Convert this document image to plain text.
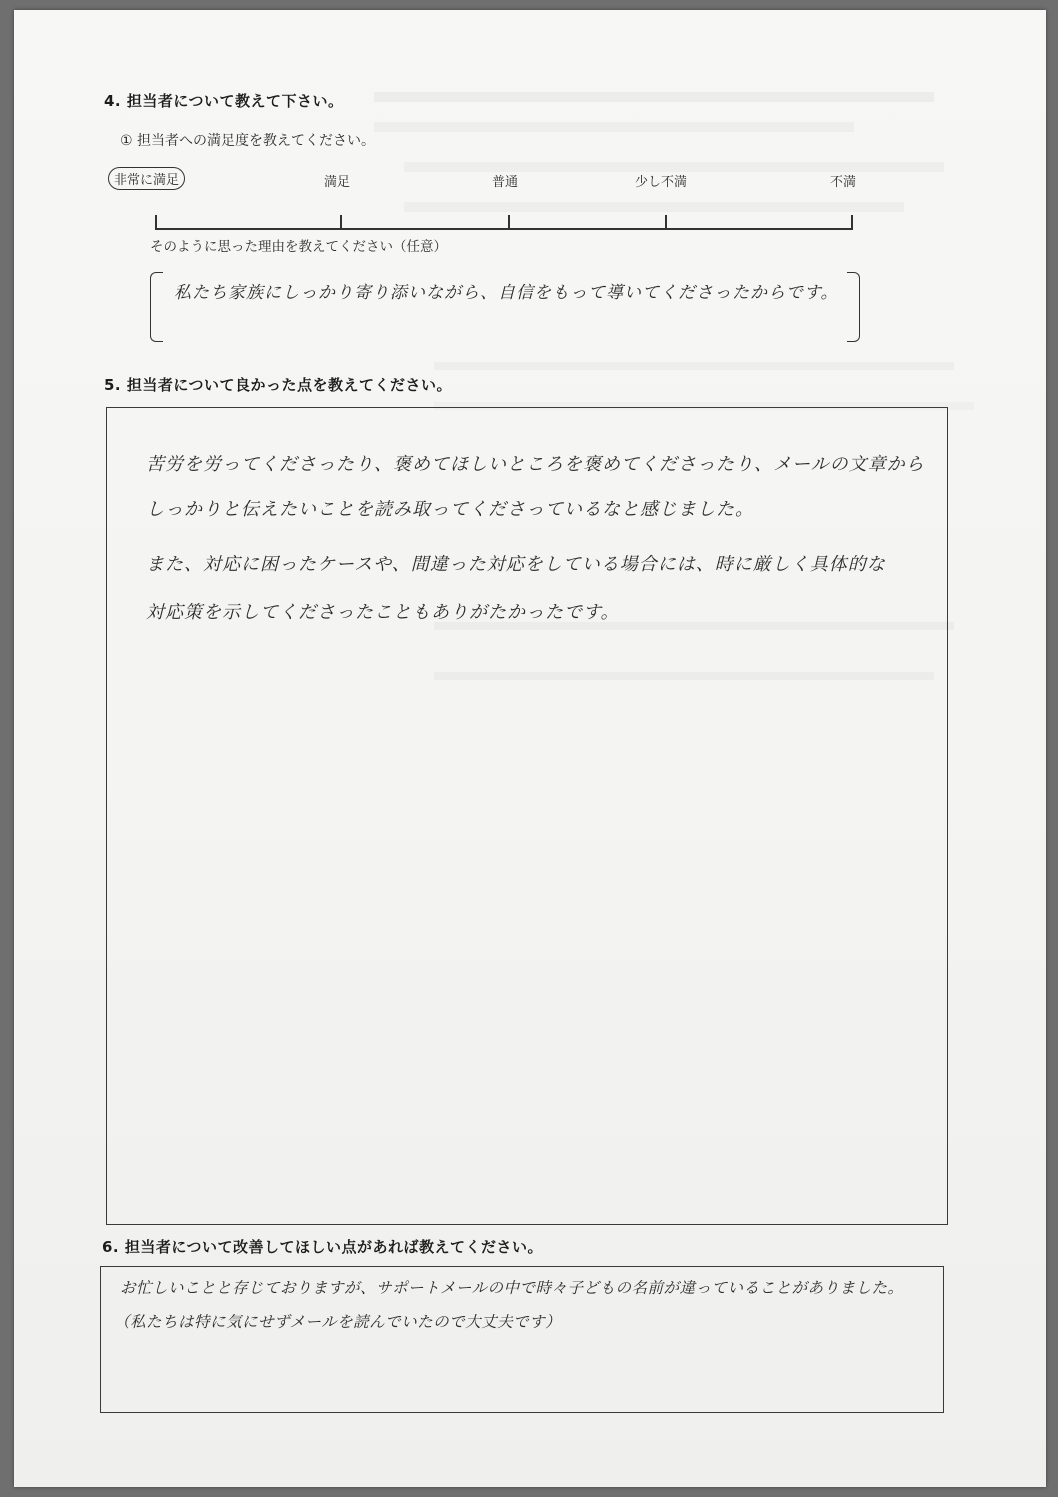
4. 担当者について教えて下さい。
① 担当者への満足度を教えてください。
非常に満足	満足	普通	少し不満	不満
そのように思った理由を教えてください（任意）
私たち家族にしっかり寄り添いながら、自信をもって導いてくださったからです。
5. 担当者について良かった点を教えてください。
苦労を労ってくださったり、褒めてほしいところを褒めてくださったり、メールの文章から
しっかりと伝えたいことを読み取ってくださっているなと感じました。
また、対応に困ったケースや、間違った対応をしている場合には、時に厳しく具体的な
対応策を示してくださったこともありがたかったです。
6. 担当者について改善してほしい点があれば教えてください。
お忙しいことと存じておりますが、サポートメールの中で時々子どもの名前が違っていることがありました。
（私たちは特に気にせずメールを読んでいたので大丈夫です）
